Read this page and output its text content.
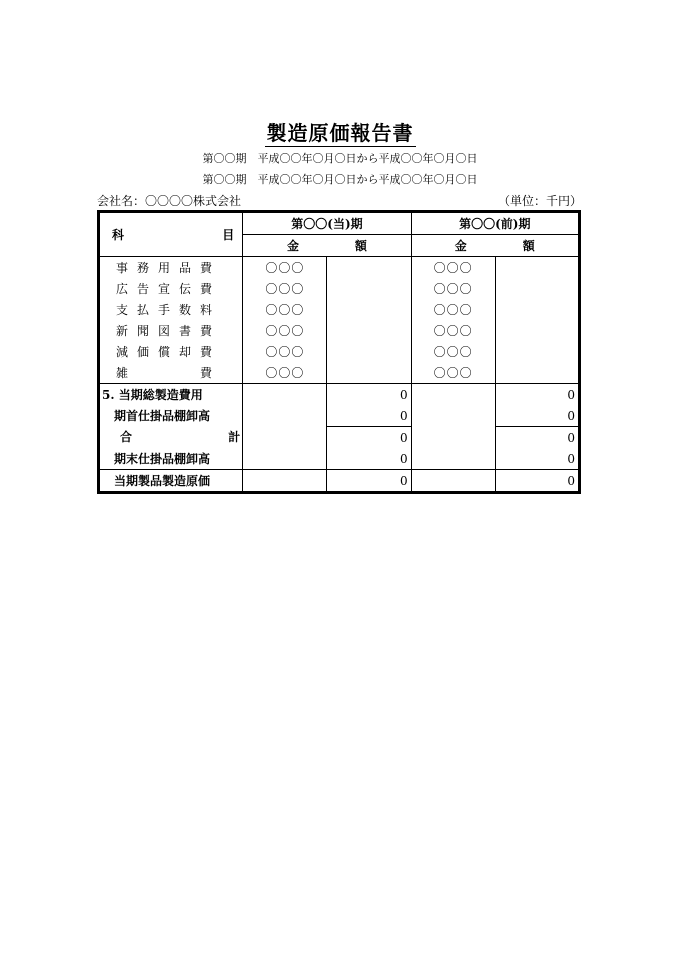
製造原価報告書
第〇〇期　平成〇〇年〇月〇日から平成〇〇年〇月〇日
第〇〇期　平成〇〇年〇月〇日から平成〇〇年〇月〇日
会社名：〇〇〇〇株式会社	（単位：千円）
科 目	第〇〇(当)期		第〇〇(前)期	
	金 額		金 額	
事務用品費	〇〇〇		〇〇〇	
広告宣伝費	〇〇〇		〇〇〇	
支払手数料	〇〇〇		〇〇〇	
新聞図書費	〇〇〇		〇〇〇	
減価償却費	〇〇〇		〇〇〇	
雑　　　費	〇〇〇		〇〇〇	
5. 当期総製造費用		0		0
期首仕掛品棚卸高		0		0

合 計		0		0
期末仕掛品棚卸高		0		0
当期製品製造原価		0		0
